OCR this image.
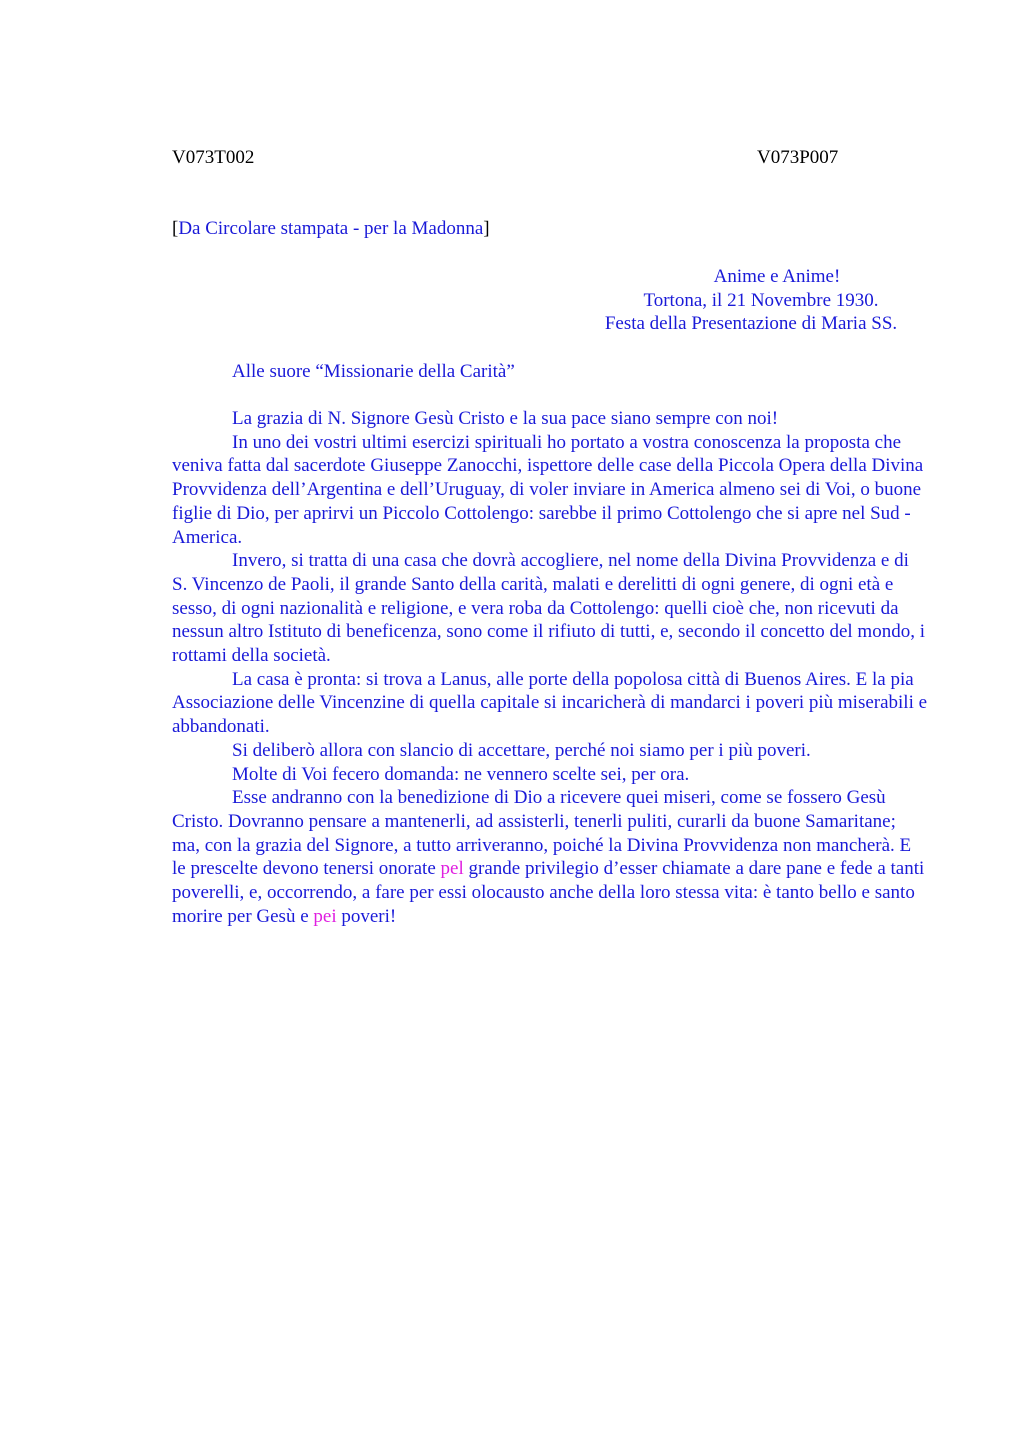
V073T002	V073P007
[Da Circolare stampata - per la Madonna]
Anime e Anime!
Tortona, il 21 Novembre 1930.
Festa della Presentazione di Maria SS.
Alle suore “Missionarie della Carità”

La grazia di N. Signore Gesù Cristo e la sua pace siano sempre con noi!

In uno dei vostri ultimi esercizi spirituali ho portato a vostra conoscenza la proposta che veniva fatta dal sacerdote Giuseppe Zanocchi, ispettore delle case della Piccola Opera della Divina Provvidenza dell’Argentina e dell’Uruguay, di voler inviare in America almeno sei di Voi, o buone figlie di Dio, per aprirvi un Piccolo Cottolengo: sarebbe il primo Cottolengo che si apre nel Sud - America.

Invero, si tratta di una casa che dovrà accogliere, nel nome della Divina Provvidenza e di S. Vincenzo de Paoli, il grande Santo della carità, malati e derelitti di ogni genere, di ogni età e sesso, di ogni nazionalità e religione, e vera roba da Cottolengo: quelli cioè che, non ricevuti da nessun altro Istituto di beneficenza, sono come il rifiuto di tutti, e, secondo il concetto del mondo, i rottami della società.

La casa è pronta: si trova a Lanus, alle porte della popolosa città di Buenos Aires. E la pia Associazione delle Vincenzine di quella capitale si incaricherà di mandarci i poveri più miserabili e abbandonati.

Si deliberò allora con slancio di accettare, perché noi siamo per i più poveri.

Molte di Voi fecero domanda: ne vennero scelte sei, per ora.

Esse andranno con la benedizione di Dio a ricevere quei miseri, come se fossero Gesù Cristo. Dovranno pensare a mantenerli, ad assisterli, tenerli puliti, curarli da buone Samaritane; ma, con la grazia del Signore, a tutto arriveranno, poiché la Divina Provvidenza non mancherà. E le prescelte devono tenersi onorate pel grande privilegio d’esser chiamate a dare pane e fede a tanti poverelli, e, occorrendo, a fare per essi olocausto anche della loro stessa vita: è tanto bello e santo morire per Gesù e pei poveri!
